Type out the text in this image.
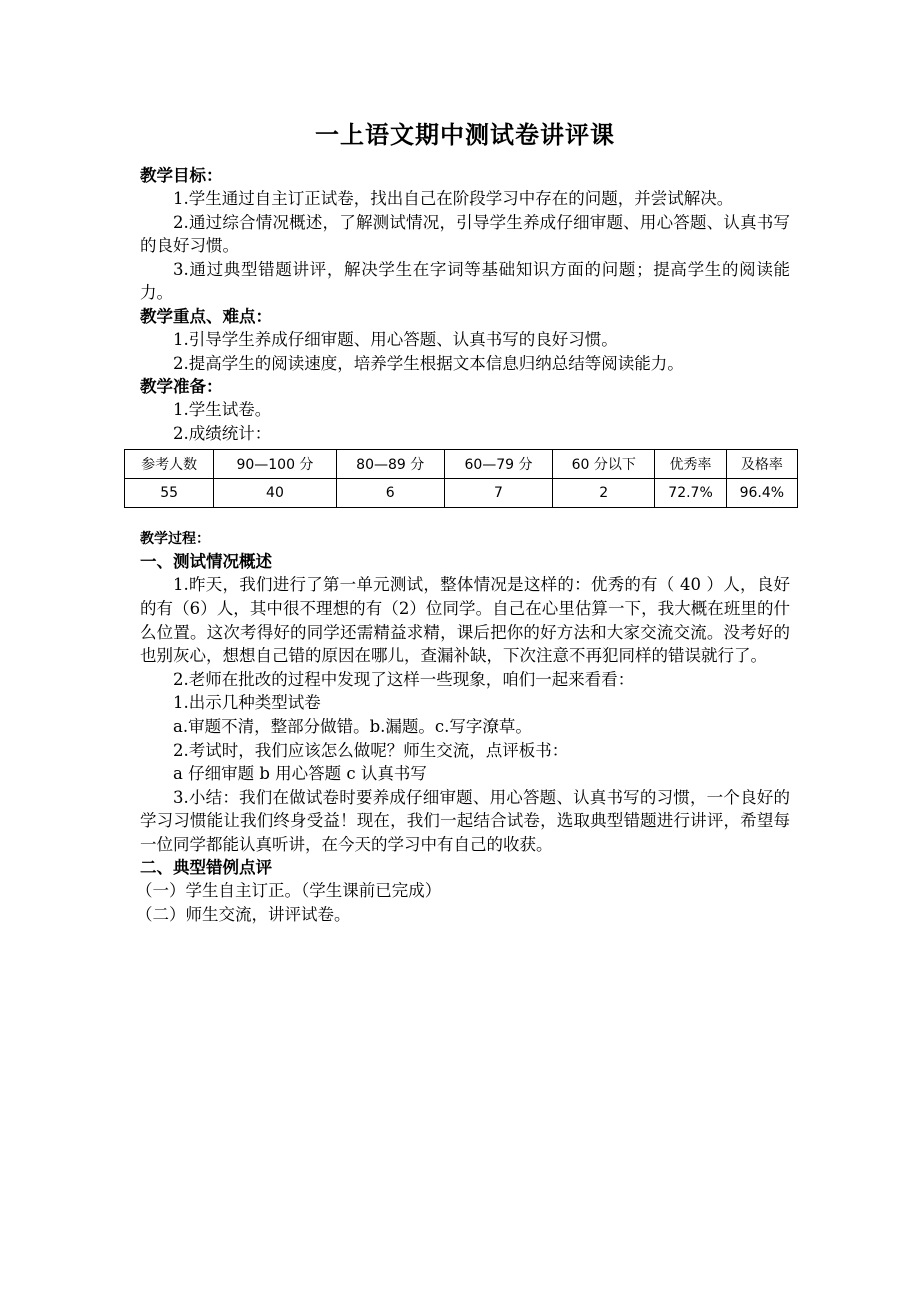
一上语文期中测试卷讲评课
教学目标：
1.学生通过自主订正试卷，找出自己在阶段学习中存在的问题，并尝试解决。
2.通过综合情况概述，了解测试情况，引导学生养成仔细审题、用心答题、认真书写的良好习惯。
3.通过典型错题讲评，解决学生在字词等基础知识方面的问题；提高学生的阅读能力。
教学重点、难点：
1.引导学生养成仔细审题、用心答题、认真书写的良好习惯。
2.提高学生的阅读速度，培养学生根据文本信息归纳总结等阅读能力。
教学准备：
1.学生试卷。
2.成绩统计：
参考人数	90—100 分	80—89 分	60—79 分	60 分以下	优秀率	及格率
55	40	6	7	2	72.7%	96.4%
教学过程：
一、测试情况概述
1.昨天，我们进行了第一单元测试，整体情况是这样的：优秀的有（ 40 ）人，良好的有（6）人，其中很不理想的有（2）位同学。自己在心里估算一下，我大概在班里的什么位置。这次考得好的同学还需精益求精，课后把你的好方法和大家交流交流。没考好的也别灰心，想想自己错的原因在哪儿，查漏补缺，下次注意不再犯同样的错误就行了。
2.老师在批改的过程中发现了这样一些现象，咱们一起来看看：
1.出示几种类型试卷
a.审题不清，整部分做错。b.漏题。c.写字潦草。
2.考试时，我们应该怎么做呢？师生交流，点评板书：
a 仔细审题 b 用心答题 c 认真书写
3.小结：我们在做试卷时要养成仔细审题、用心答题、认真书写的习惯，一个良好的学习习惯能让我们终身受益！现在，我们一起结合试卷，选取典型错题进行讲评，希望每一位同学都能认真听讲，在今天的学习中有自己的收获。
二、典型错例点评
（一）学生自主订正。（学生课前已完成）
（二）师生交流，讲评试卷。
